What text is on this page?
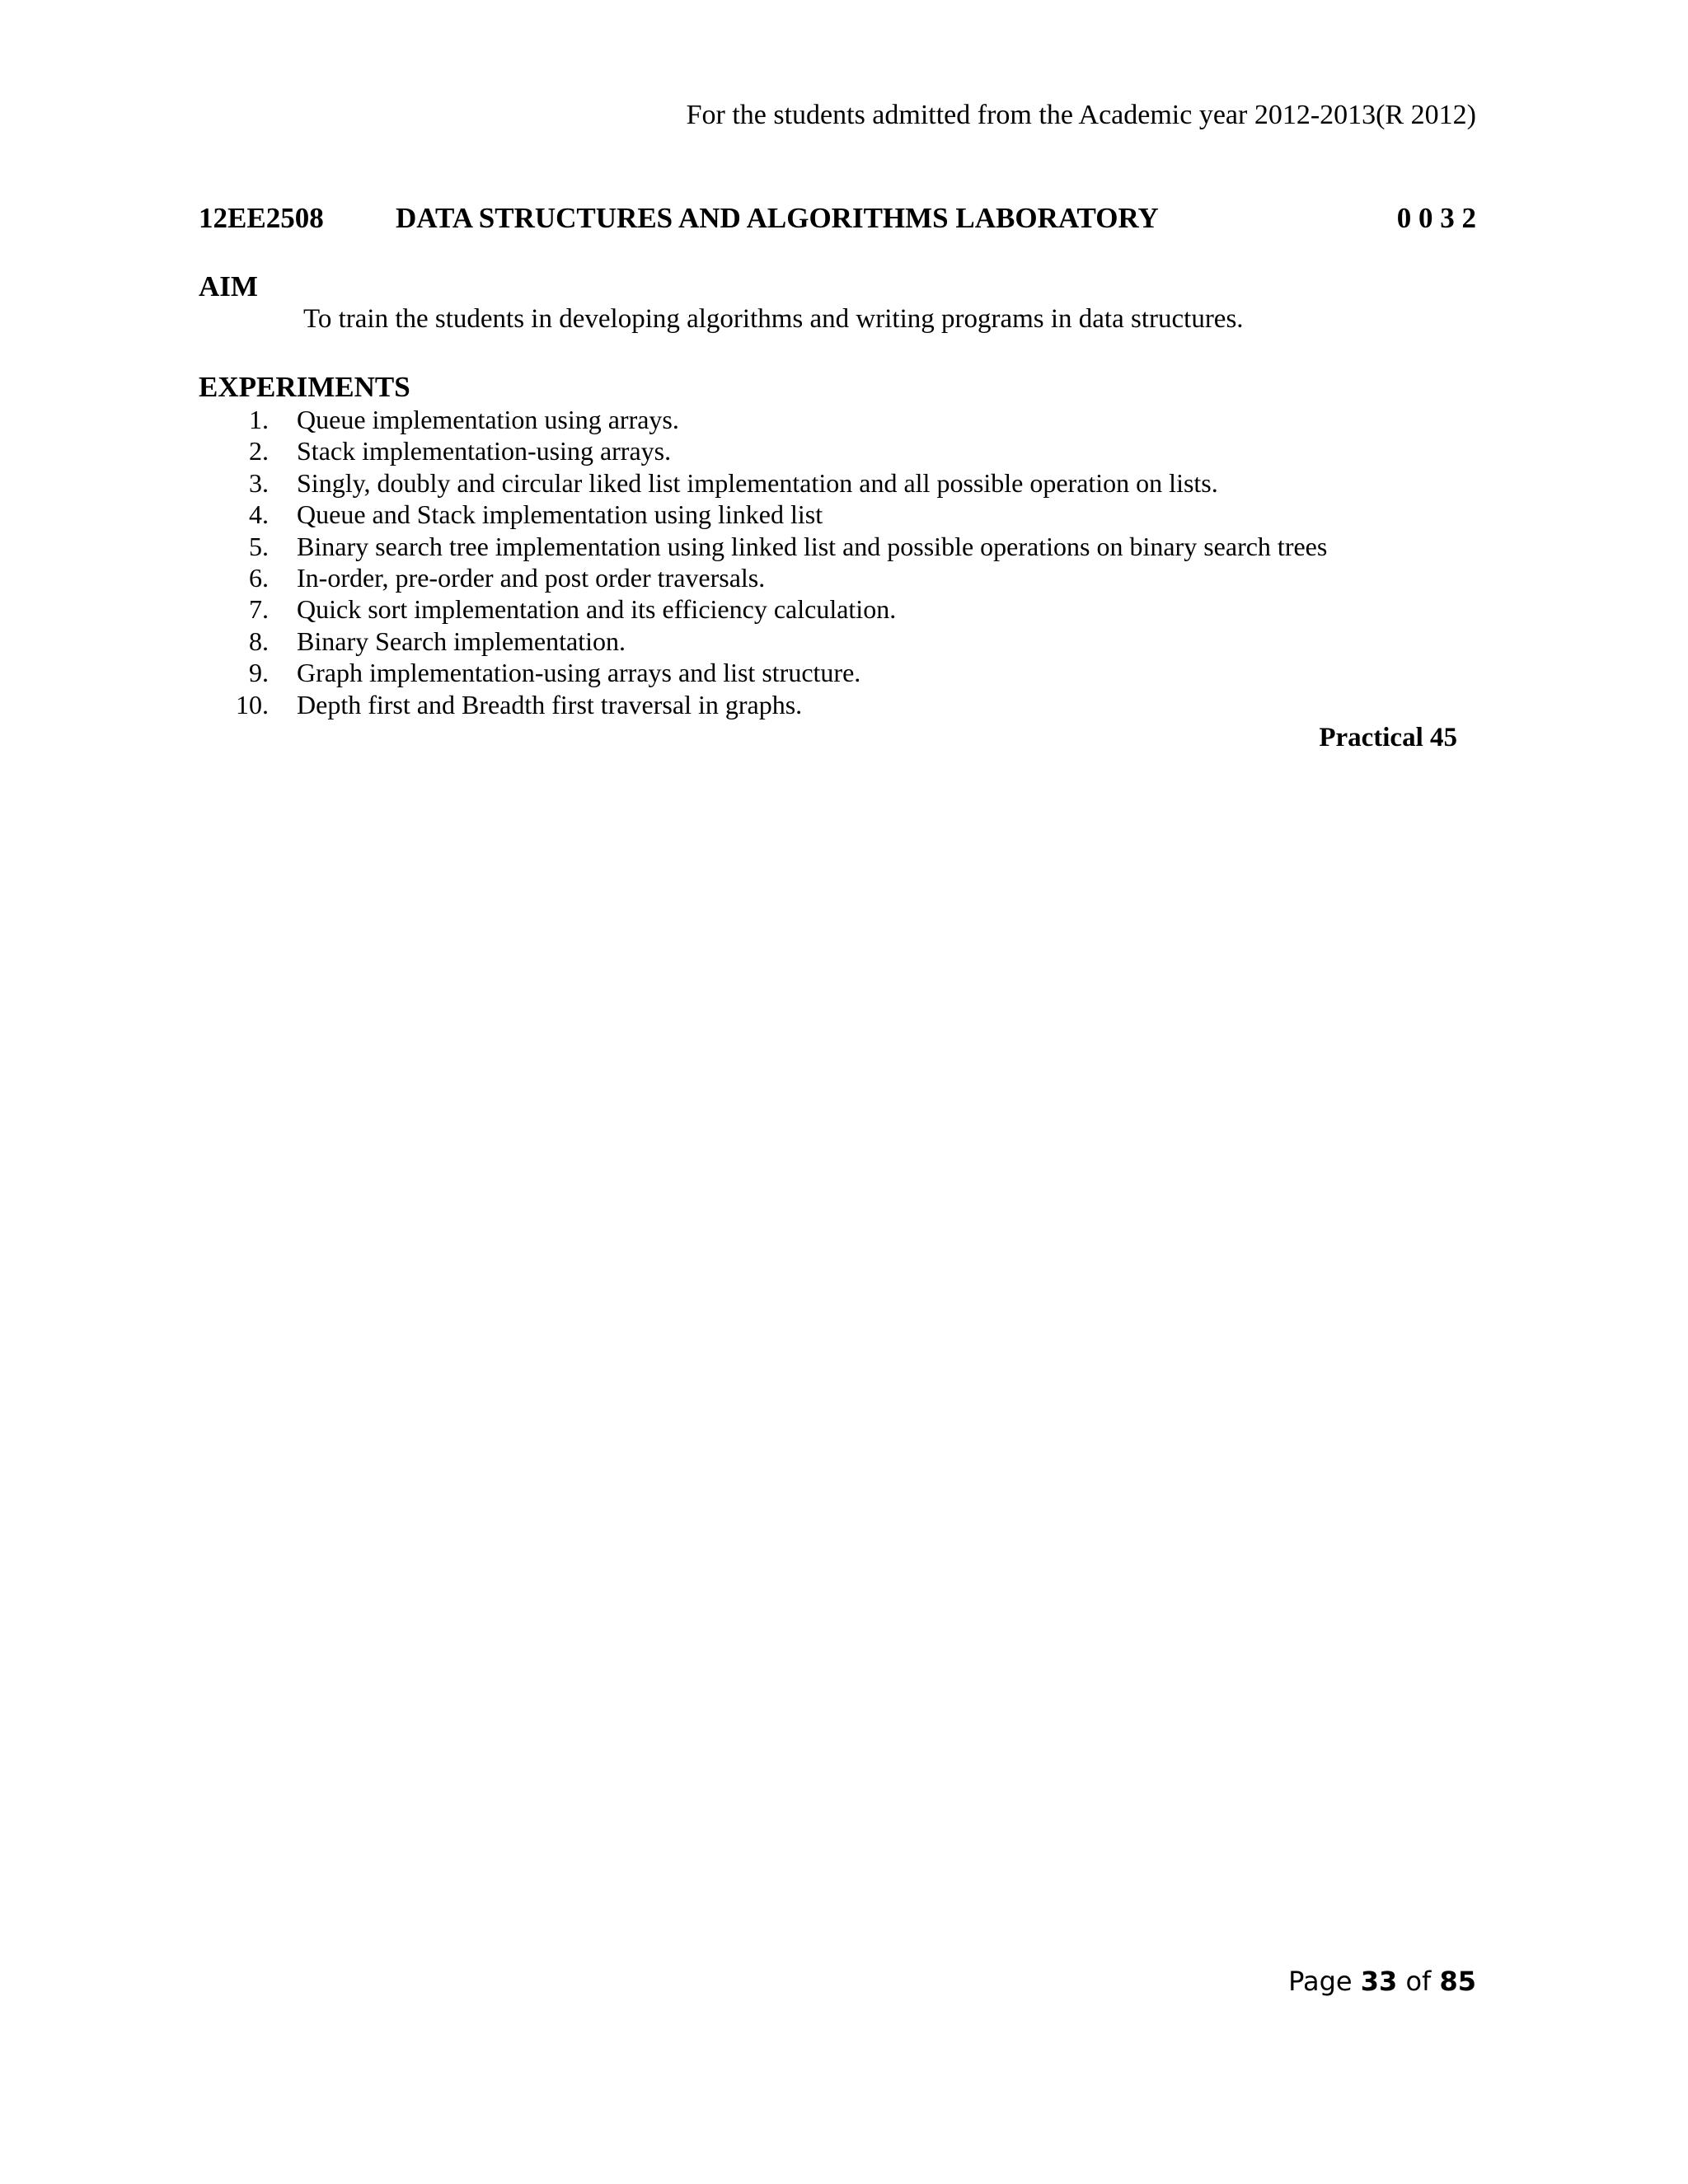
For the students admitted from the Academic year 2012-2013(R 2012)
12EE2508 DATA STRUCTURES AND ALGORITHMS LABORATORY	0 0 3 2
AIM
To train the students in developing algorithms and writing programs in data structures.
EXPERIMENTS
1. Queue implementation using arrays.
2. Stack implementation-using arrays.
3. Singly, doubly and circular liked list implementation and all possible operation on lists.
4. Queue and Stack implementation using linked list
5. Binary search tree implementation using linked list and possible operations on binary search trees
6. In-order, pre-order and post order traversals.
7. Quick sort implementation and its efficiency calculation.
8. Binary Search implementation.
9. Graph implementation-using arrays and list structure.
10. Depth first and Breadth first traversal in graphs.
Practical 45
Page 33 of 85
